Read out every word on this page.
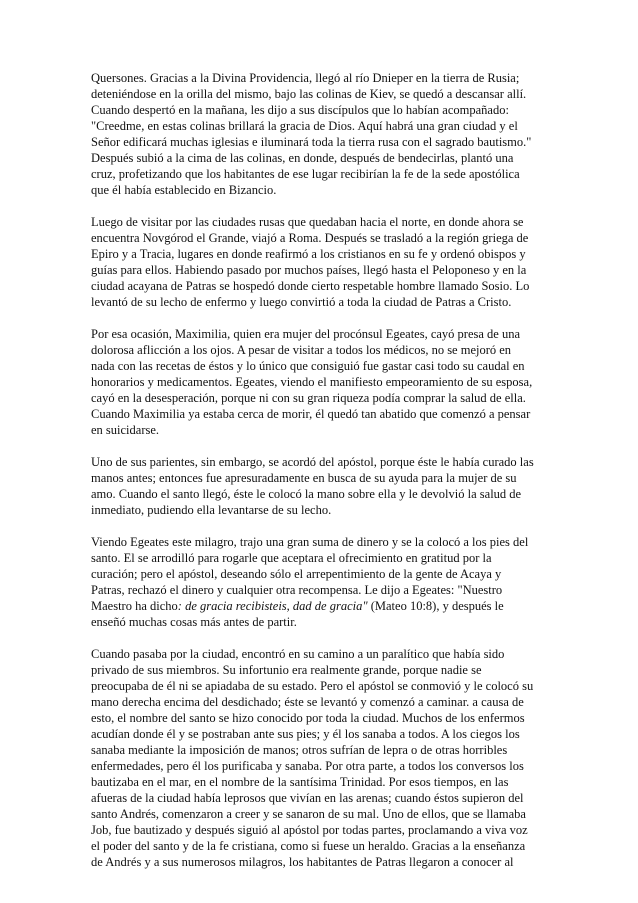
Quersones. Gracias a la Divina Providencia, llegó al río Dnieper en la tierra de Rusia;
deteniéndose en la orilla del mismo, bajo las colinas de Kiev, se quedó a descansar allí.
Cuando despertó en la mañana, les dijo a sus discípulos que lo habían acompañado:
"Creedme, en estas colinas brillará la gracia de Dios. Aquí habrá una gran ciudad y el
Señor edificará muchas iglesias e iluminará toda la tierra rusa con el sagrado bautismo."
Después subió a la cima de las colinas, en donde, después de bendecirlas, plantó una
cruz, profetizando que los habitantes de ese lugar recibirían la fe de la sede apostólica
que él había establecido en Bizancio.
Luego de visitar por las ciudades rusas que quedaban hacia el norte, en donde ahora se
encuentra Novgórod el Grande, viajó a Roma. Después se trasladó a la región griega de
Epiro y a Tracia, lugares en donde reafirmó a los cristianos en su fe y ordenó obispos y
guías para ellos. Habiendo pasado por muchos países, llegó hasta el Peloponeso y en la
ciudad acayana de Patras se hospedó donde cierto respetable hombre llamado Sosio. Lo
levantó de su lecho de enfermo y luego convirtió a toda la ciudad de Patras a Cristo.
Por esa ocasión, Maximilia, quien era mujer del procónsul Egeates, cayó presa de una
dolorosa aflicción a los ojos. A pesar de visitar a todos los médicos, no se mejoró en
nada con las recetas de éstos y lo único que consiguió fue gastar casi todo su caudal en
honorarios y medicamentos. Egeates, viendo el manifiesto empeoramiento de su esposa,
cayó en la desesperación, porque ni con su gran riqueza podía comprar la salud de ella.
Cuando Maximilia ya estaba cerca de morir, él quedó tan abatido que comenzó a pensar
en suicidarse.
Uno de sus parientes, sin embargo, se acordó del apóstol, porque éste le había curado las
manos antes; entonces fue apresuradamente en busca de su ayuda para la mujer de su
amo. Cuando el santo llegó, éste le colocó la mano sobre ella y le devolvió la salud de
inmediato, pudiendo ella levantarse de su lecho.
Viendo Egeates este milagro, trajo una gran suma de dinero y se la colocó a los pies del
santo. El se arrodilló para rogarle que aceptara el ofrecimiento en gratitud por la
curación; pero el apóstol, deseando sólo el arrepentimiento de la gente de Acaya y
Patras, rechazó el dinero y cualquier otra recompensa. Le dijo a Egeates: "Nuestro
Maestro ha dicho: de gracia recibisteis, dad de gracia" (Mateo 10:8), y después le
enseñó muchas cosas más antes de partir.
Cuando pasaba por la ciudad, encontró en su camino a un paralítico que había sido
privado de sus miembros. Su infortunio era realmente grande, porque nadie se
preocupaba de él ni se apiadaba de su estado. Pero el apóstol se conmovió y le colocó su
mano derecha encima del desdichado; éste se levantó y comenzó a caminar. a causa de
esto, el nombre del santo se hizo conocido por toda la ciudad. Muchos de los enfermos
acudían donde él y se postraban ante sus pies; y él los sanaba a todos. A los ciegos los
sanaba mediante la imposición de manos; otros sufrían de lepra o de otras horribles
enfermedades, pero él los purificaba y sanaba. Por otra parte, a todos los conversos los
bautizaba en el mar, en el nombre de la santísima Trinidad. Por esos tiempos, en las
afueras de la ciudad había leprosos que vivían en las arenas; cuando éstos supieron del
santo Andrés, comenzaron a creer y se sanaron de su mal. Uno de ellos, que se llamaba
Job, fue bautizado y después siguió al apóstol por todas partes, proclamando a viva voz
el poder del santo y de la fe cristiana, como si fuese un heraldo. Gracias a la enseñanza
de Andrés y a sus numerosos milagros, los habitantes de Patras llegaron a conocer al
